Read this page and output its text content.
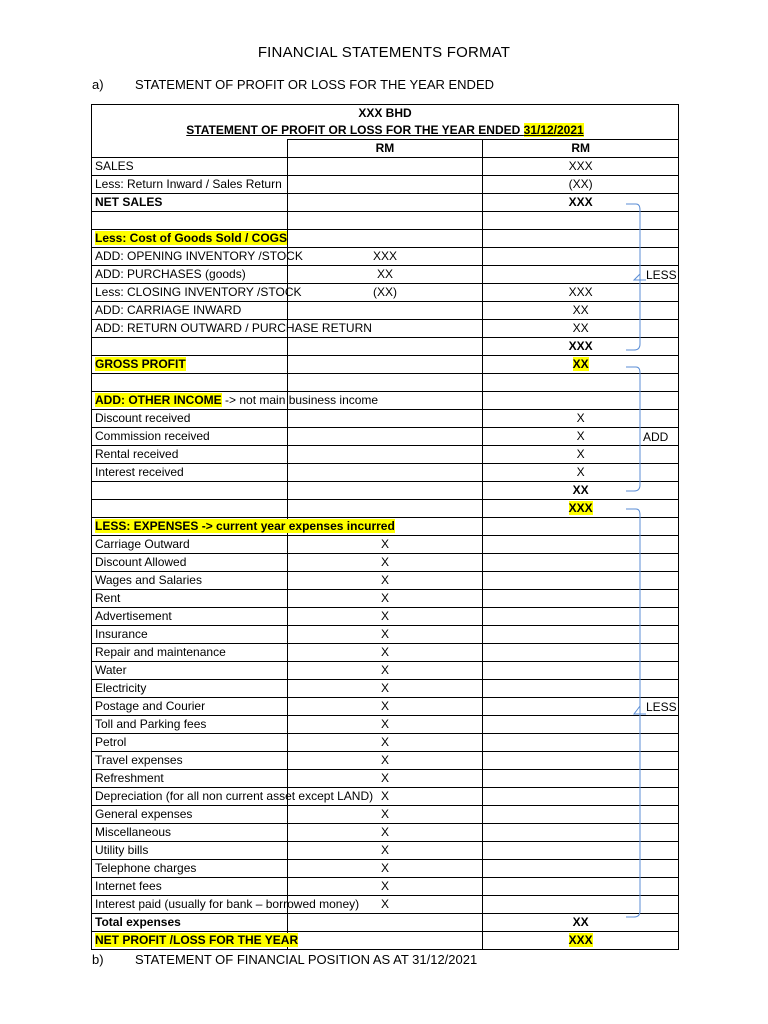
FINANCIAL STATEMENTS FORMAT
a) STATEMENT OF PROFIT OR LOSS FOR THE YEAR ENDED
XXX BHD		
STATEMENT OF PROFIT OR LOSS FOR THE YEAR ENDED 31/12/2021		
	RM	RM
SALES		XXX
Less: Return Inward / Sales Return		(XX)
NET SALES		XXX

Less: Cost of Goods Sold / COGS		
ADD: OPENING INVENTORY /STOCK	XXX	
ADD: PURCHASES (goods)	XX	
Less: CLOSING INVENTORY /STOCK	(XX)	XXX
ADD: CARRIAGE INWARD		XX
ADD: RETURN OUTWARD / PURCHASE RETURN		XX
		XXX
GROSS PROFIT		XX

ADD: OTHER INCOME -> not main business income		
Discount received		X
Commission received		X
Rental received		X
Interest received		X
		XX
		XXX
LESS: EXPENSES -> current year expenses incurred		
Carriage Outward	X	
Discount Allowed	X	
Wages and Salaries	X	
Rent	X	
Advertisement	X	
Insurance	X	
Repair and maintenance	X	
Water	X	
Electricity	X	
Postage and Courier	X	
Toll and Parking fees	X	
Petrol	X	
Travel expenses	X	
Refreshment	X	
Depreciation (for all non current asset except LAND)	X	
General expenses	X	
Miscellaneous	X	
Utility bills	X	
Telephone charges	X	
Internet fees	X	
Interest paid (usually for bank – borrowed money)	X	
Total expenses		XX
NET PROFIT /LOSS FOR THE YEAR		XXX
LESS
ADD
LESS
b) STATEMENT OF FINANCIAL POSITION AS AT 31/12/2021
